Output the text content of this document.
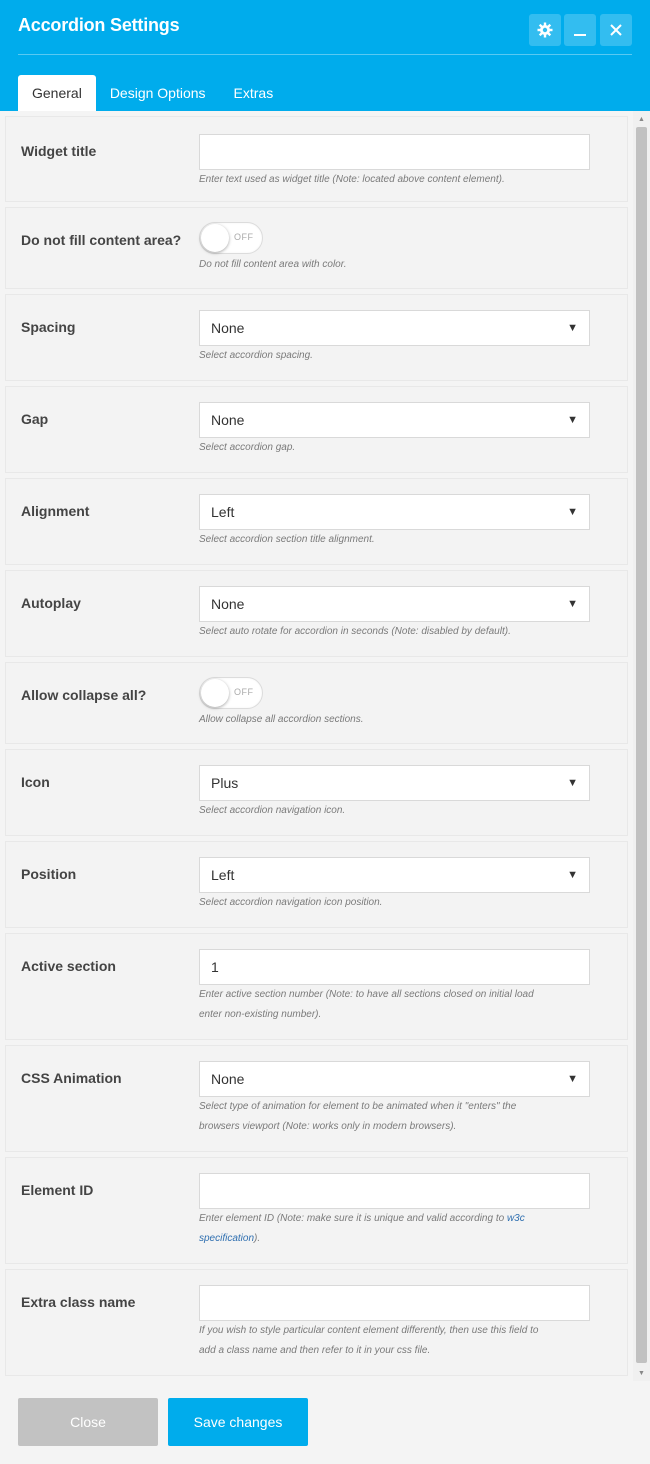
Accordion Settings
General	Design Options	Extras
Widget title
Enter text used as widget title (Note: located above content element).
Do not fill content area?	OFF
Do not fill content area with color.
Spacing	None	▼
Select accordion spacing.
Gap	None	▼
Select accordion gap.
Alignment	Left	▼
Select accordion section title alignment.
Autoplay	None	▼
Select auto rotate for accordion in seconds (Note: disabled by default).
Allow collapse all?	OFF
Allow collapse all accordion sections.
Icon	Plus	▼
Select accordion navigation icon.
Position	Left	▼
Select accordion navigation icon position.
Active section	1
Enter active section number (Note: to have all sections closed on initial load
enter non-existing number).
CSS Animation	None	▼
Select type of animation for element to be animated when it "enters" the
browsers viewport (Note: works only in modern browsers).
Element ID
Enter element ID (Note: make sure it is unique and valid according to w3c
specification).
Extra class name
If you wish to style particular content element differently, then use this field to
add a class name and then refer to it in your css file.
▲
▼
Close	Save changes
